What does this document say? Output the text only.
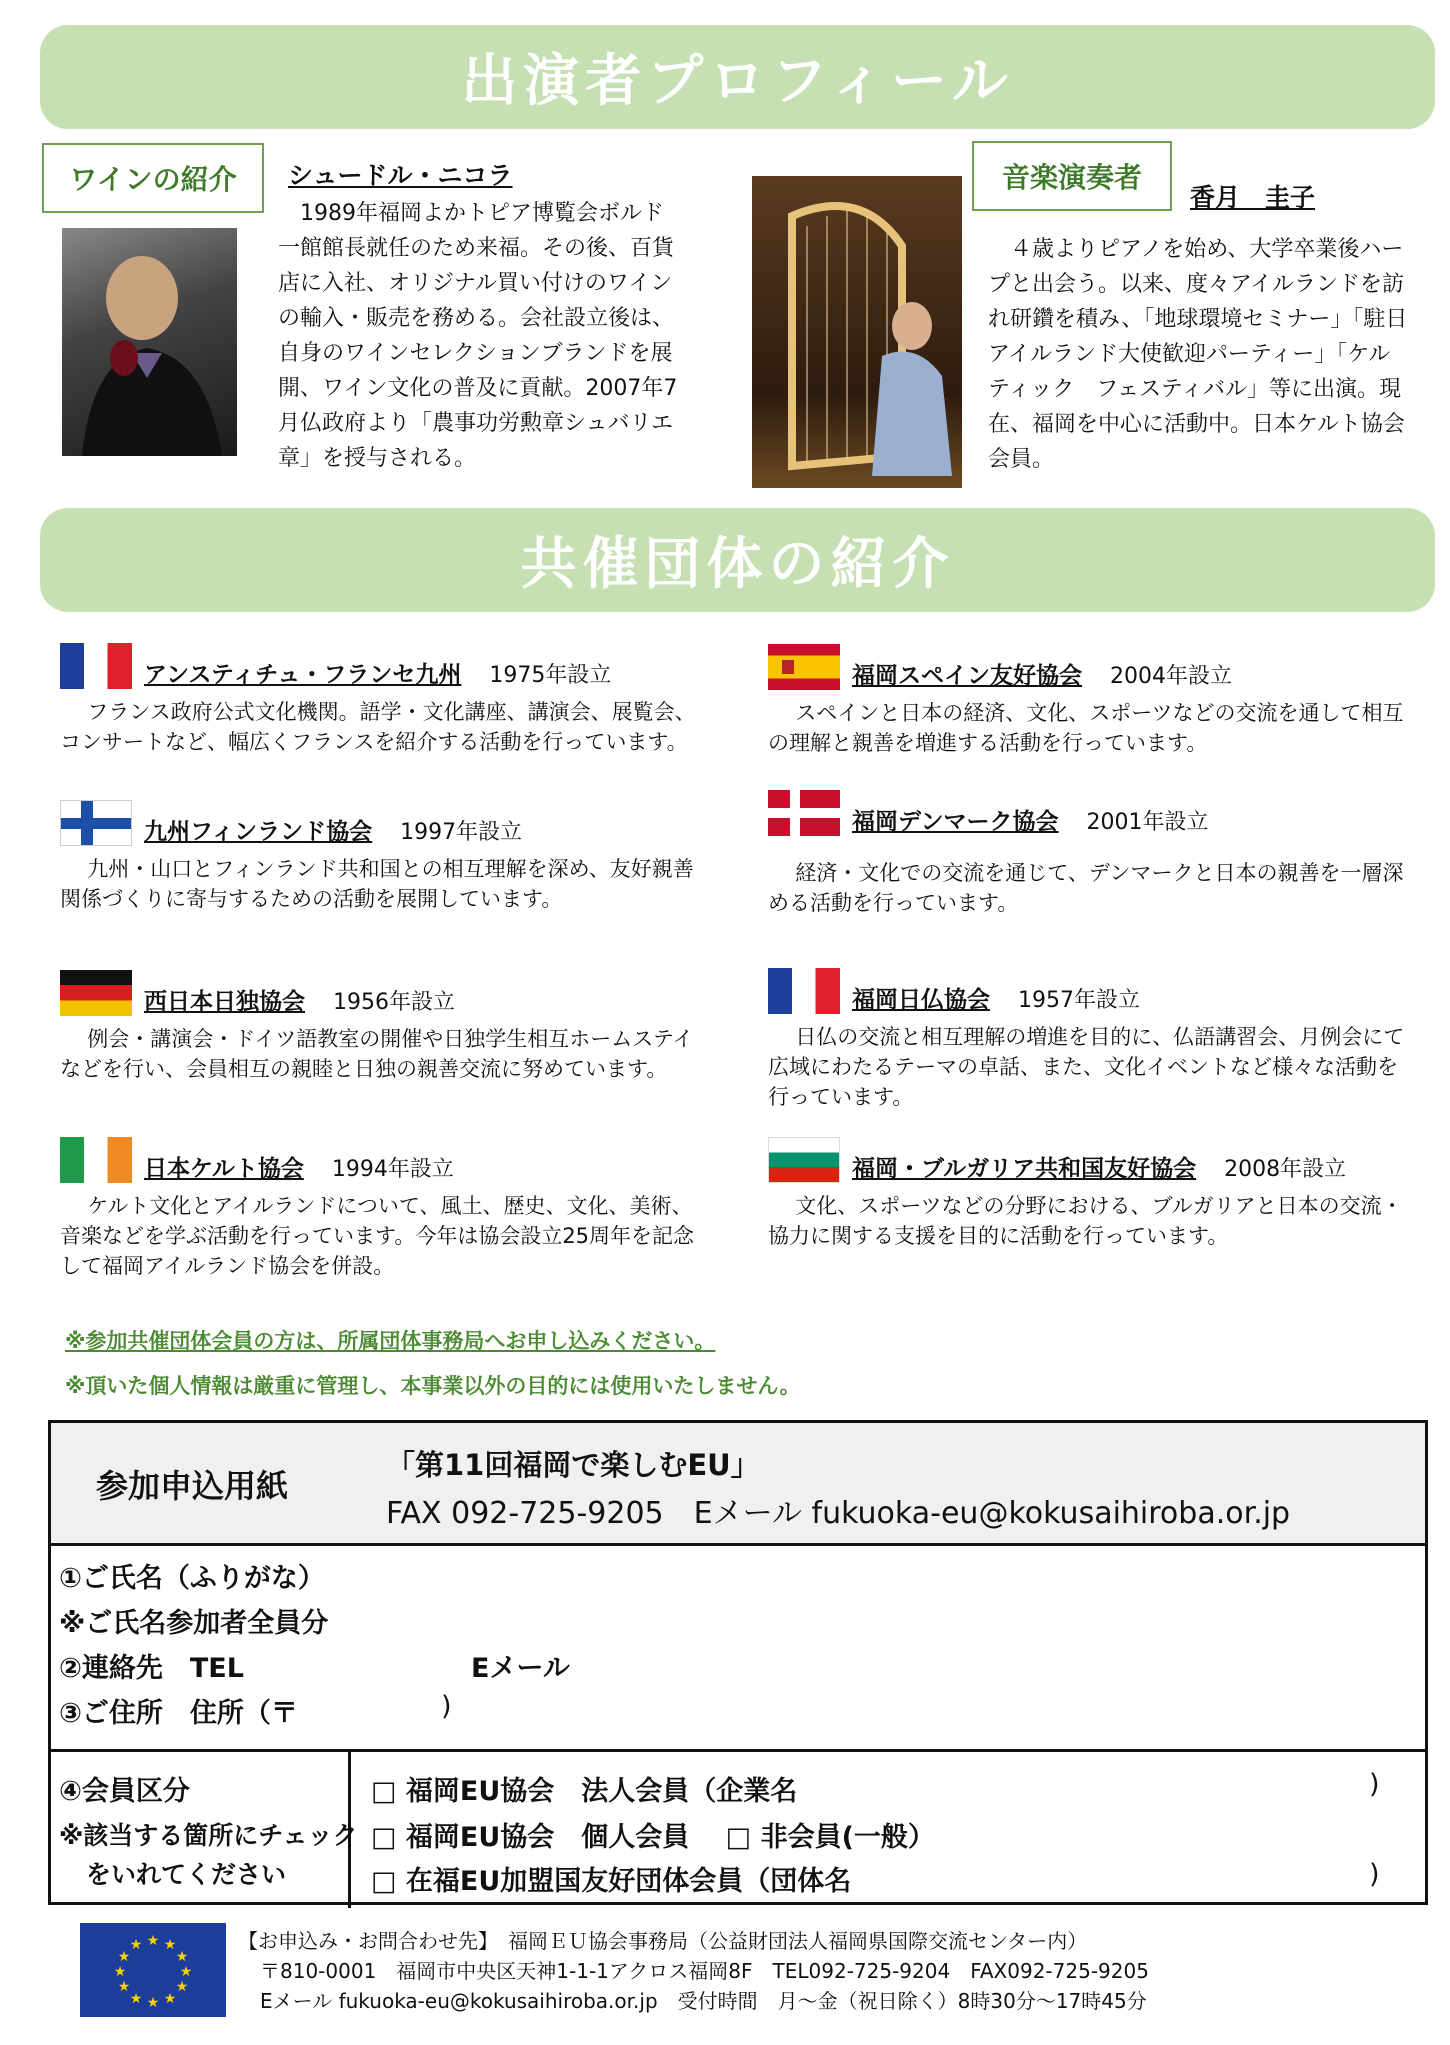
出演者プロフィール
ワインの紹介	シュードル・ニコラ
　1989年福岡よかトピア博覧会ボルド一館館長就任のため来福。その後、百貨店に入社、オリジナル買い付けのワインの輸入・販売を務める。会社設立後は、自身のワインセレクションブランドを展開、ワイン文化の普及に貢献。2007年7月仏政府より「農事功労勲章シュバリエ章」を授与される。
音楽演奏者
香月　圭子
　４歳よりピアノを始め、大学卒業後ハープと出会う。以来、度々アイルランドを訪れ研鑽を積み、「地球環境セミナー」「駐日アイルランド大使歓迎パーティー」「ケルティック　フェスティバル」等に出演。現在、福岡を中心に活動中。日本ケルト協会会員。
共催団体の紹介
アンスティチュ・フランセ九州 1975年設立
フランス政府公式文化機関。語学・文化講座、講演会、展覧会、コンサートなど、幅広くフランスを紹介する活動を行っています。
九州フィンランド協会 1997年設立
九州・山口とフィンランド共和国との相互理解を深め、友好親善関係づくりに寄与するための活動を展開しています。
西日本日独協会 1956年設立
例会・講演会・ドイツ語教室の開催や日独学生相互ホームステイなどを行い、会員相互の親睦と日独の親善交流に努めています。
日本ケルト協会 1994年設立
ケルト文化とアイルランドについて、風土、歴史、文化、美術、音楽などを学ぶ活動を行っています。今年は協会設立25周年を記念して福岡アイルランド協会を併設。
福岡スペイン友好協会 2004年設立
スペインと日本の経済、文化、スポーツなどの交流を通して相互の理解と親善を増進する活動を行っています。
福岡デンマーク協会 2001年設立
経済・文化での交流を通じて、デンマークと日本の親善を一層深める活動を行っています。
福岡日仏協会 1957年設立
日仏の交流と相互理解の増進を目的に、仏語講習会、月例会にて広域にわたるテーマの卓話、また、文化イベントなど様々な活動を行っています。
福岡・ブルガリア共和国友好協会 2008年設立
文化、スポーツなどの分野における、ブルガリアと日本の交流・協力に関する支援を目的に活動を行っています。
※参加共催団体会員の方は、所属団体事務局へお申し込みください。
※頂いた個人情報は厳重に管理し、本事業以外の目的には使用いたしません。
参加申込用紙
「第11回福岡で楽しむEU」
FAX 092-725-9205　Eメール fukuoka-eu@kokusaihiroba.or.jp
①ご氏名（ふりがな）
※ご氏名参加者全員分
②連絡先　TEL	Eメール
③ご住所　住所（〒	)
④会員区分
※該当する箇所にチェック
をいれてください
□ 福岡EU協会　法人会員（企業名	)
□ 福岡EU協会　個人会員　 □ 非会員(一般）
□ 在福EU加盟国友好団体会員（団体名	)
★ ★
★
★
★
★
★
★
★
★
★
★	【お申込み・お問合わせ先】　福岡ＥＵ協会事務局（公益財団法人福岡県国際交流センター内）
〒810-0001　福岡市中央区天神1-1-1アクロス福岡8F　TEL092-725-9204　FAX092-725-9205
Eメール fukuoka-eu@kokusaihiroba.or.jp　受付時間　月～金（祝日除く）8時30分～17時45分
